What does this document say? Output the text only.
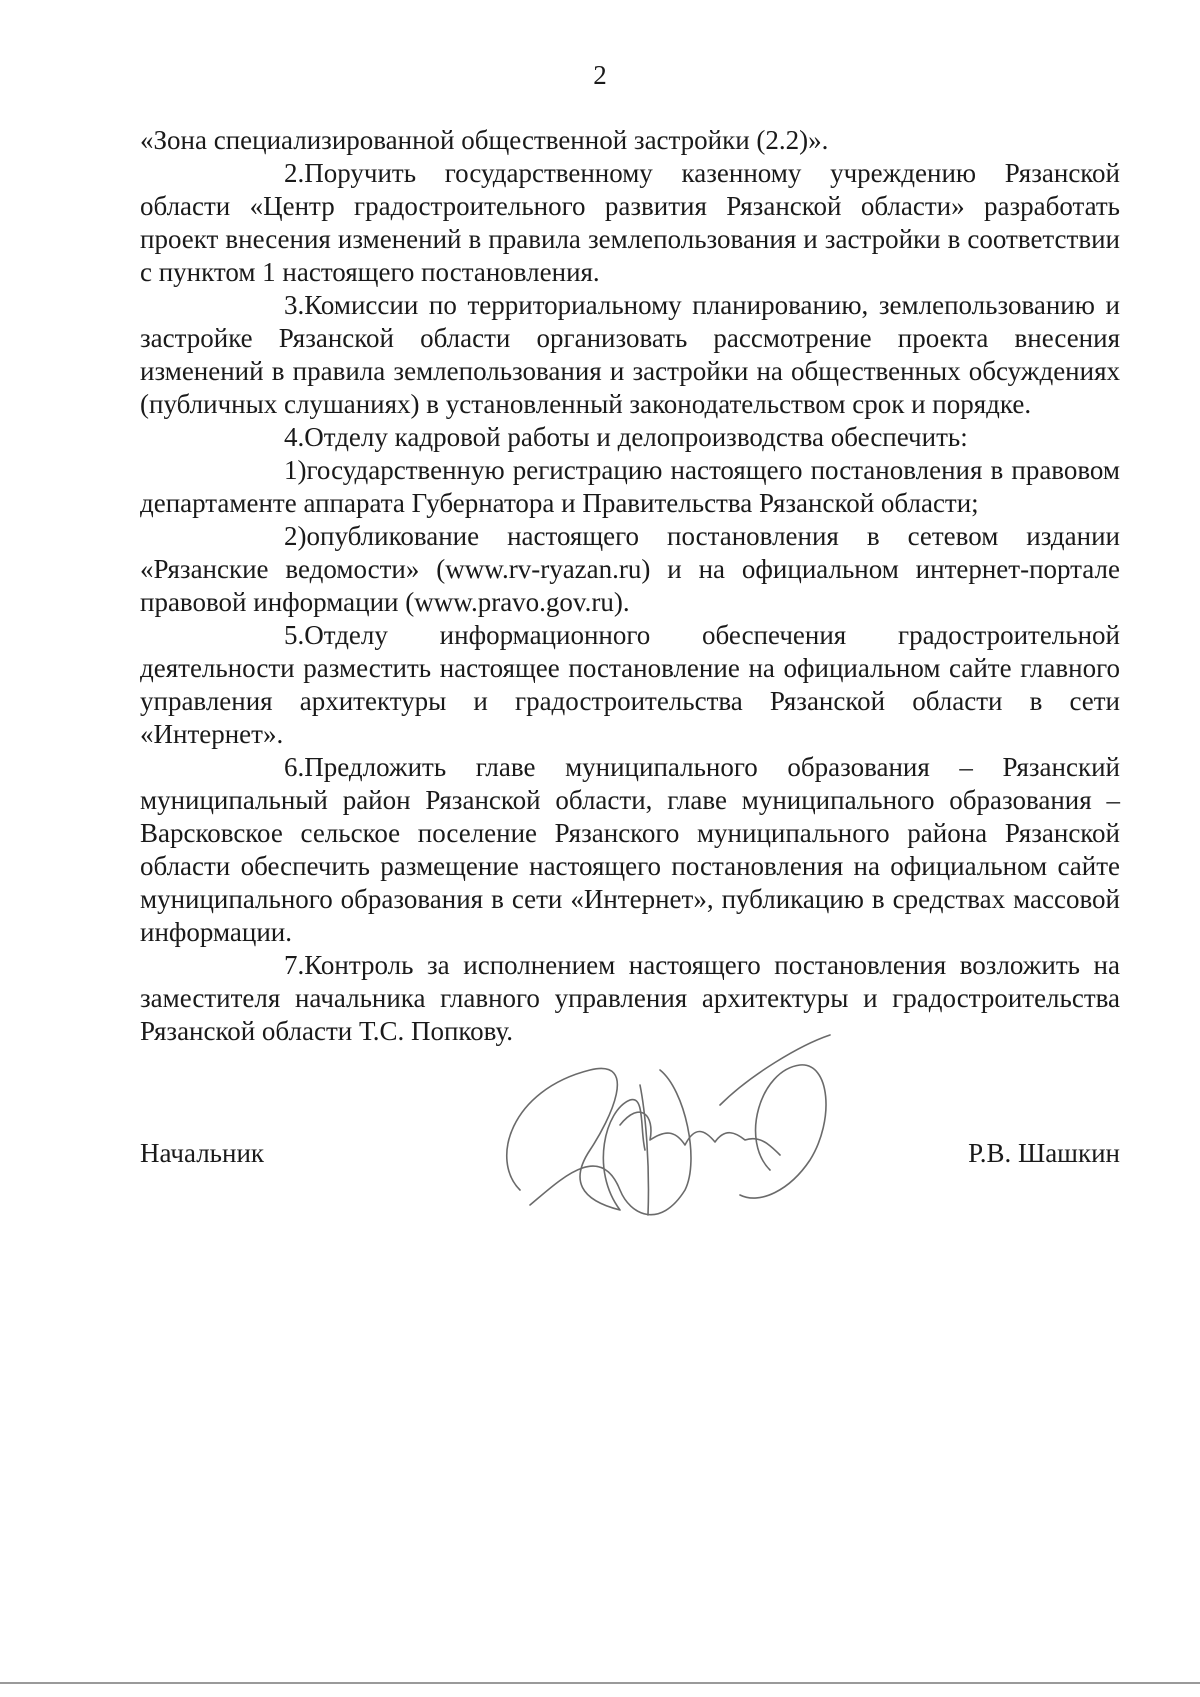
2

«Зона специализированной общественной застройки (2.2)».

2.Поручить государственному казенному учреждению Рязанской области «Центр градостроительного развития Рязанской области» разработать проект внесения изменений в правила землепользования и застройки в соответствии с пунктом 1 настоящего постановления.

3.Комиссии по территориальному планированию, землепользованию и застройке Рязанской области организовать рассмотрение проекта внесения изменений в правила землепользования и застройки на общественных обсуждениях (публичных слушаниях) в установленный законодательством срок и порядке.

4.Отделу кадровой работы и делопроизводства обеспечить:

1)государственную регистрацию настоящего постановления в правовом департаменте аппарата Губернатора и Правительства Рязанской области;

2)опубликование настоящего постановления в сетевом издании «Рязанские ведомости» (www.rv-ryazan.ru) и на официальном интернет-портале правовой информации (www.pravo.gov.ru).

5.Отделу информационного обеспечения градостроительной деятельности разместить настоящее постановление на официальном сайте главного управления архитектуры и градостроительства Рязанской области в сети «Интернет».

6.Предложить главе муниципального образования – Рязанский муниципальный район Рязанской области, главе муниципального образования – Варсковское сельское поселение Рязанского муниципального района Рязанской области обеспечить размещение настоящего постановления на официальном сайте муниципального образования в сети «Интернет», публикацию в средствах массовой информации.

7.Контроль за исполнением настоящего постановления возложить на заместителя начальника главного управления архитектуры и градостроительства Рязанской области Т.С. Попкову.

Начальник	Р.В. Шашкин
